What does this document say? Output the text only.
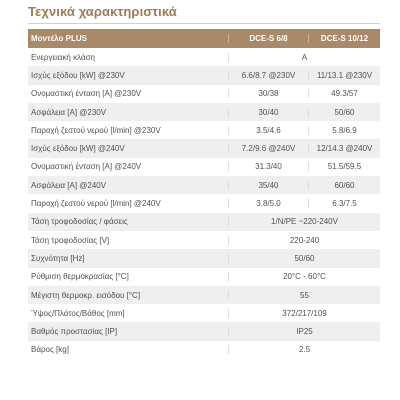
Τεχνικά χαρακτηριστικά
Μοντέλο PLUS	DCE-S 6/8	DCE-S 10/12
Ενεργειακή κλάση	A
Ισχύς εξόδου [kW] @230V	6.6/8.7 @230V	11/13.1 @230V
Ονομαστική ένταση [A] @230V	30/38	49.3/57
Ασφάλεια [A] @230V	30/40	50/60
Παροχή ζεστού νερού [l/min] @230V	3.5/4.6	5.8/6.9
Ισχύς εξόδου [kW] @240V	7.2/9.6 @240V	12/14.3 @240V
Ονομαστική ένταση [A] @240V	31.3/40	51.5/59.5
Ασφάλεια [A] @240V	35/40	60/60
Παροχή ζεστού νερού [l/min] @240V	3.8/5.0	6.3/7.5
Τάση τροφοδοσίας / φάσεις	1/N/PE ~220-240V
Τάση τροφοδοσίας [V]	220-240
Συχνότητα [Hz]	50/60
Ρύθμιση θερμοκρασίας [°C]	20°C - 60°C
Μέγιστη θερμοκρ. εισόδου [°C]	55
Ύψος/Πλάτος/Βάθος [mm]	372/217/109
Βαθμός προστασίας [IP]	IP25
Βάρος [kg]	2.5
